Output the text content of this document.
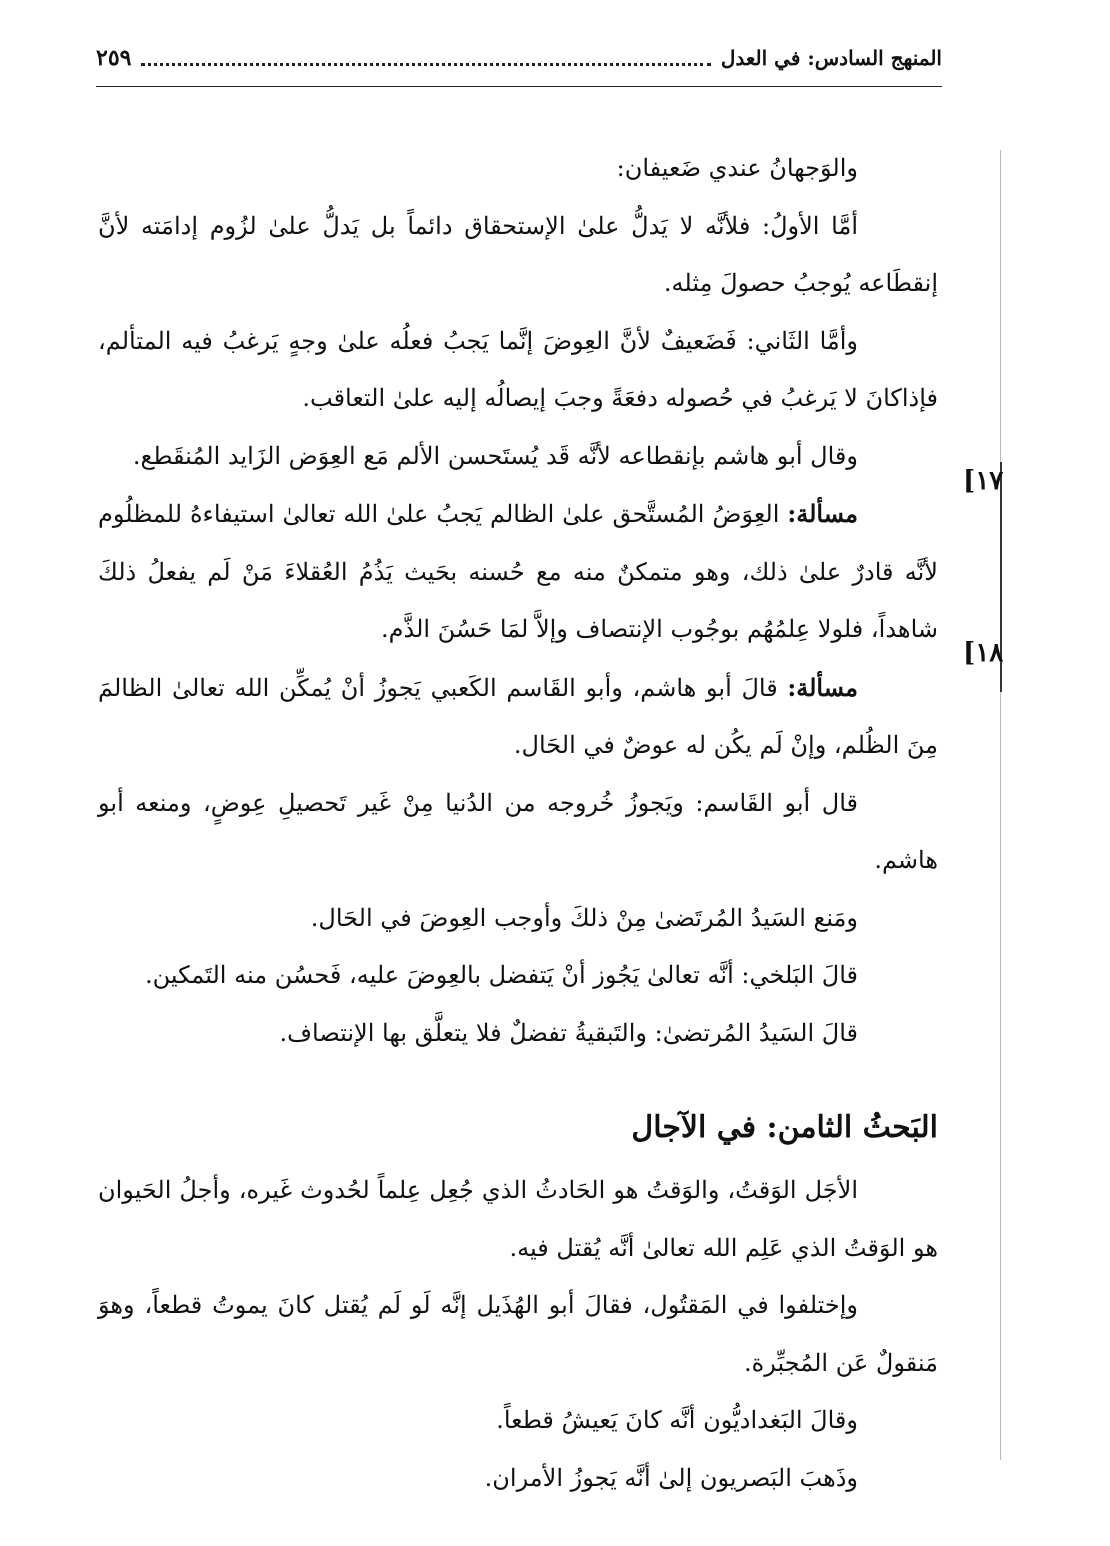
المنهج السادس: في العدل
٢٥٩
[١٧
[١٨

والوَجهانُ عندي ضَعيفان:

أمَّا الأولُ: فلأنَّه لا يَدلُّ علىٰ الإستحقاق دائماً بل يَدلُّ علىٰ لزُوم إدامَته لأنَّ إنقطَاعه يُوجبُ حصولَ مِثله.

وأمَّا الثَاني: فَضَعيفٌ لأنَّ العِوضَ إنَّما يَجبُ فعلُه علىٰ وجهٍ يَرغبُ فيه المتألم، فإذاكانَ لا يَرغبُ في حُصوله دفعَةً وجبَ إيصالُه إليه علىٰ التعاقب.

وقال أبو هاشم بإنقطاعه لأنَّه قَد يُستَحسن الألم مَع العِوَض الزَايد المُنقَطع.

مسألة: العِوَضُ المُستَّحق علىٰ الظالم يَجبُ علىٰ الله تعالىٰ استيفاءهُ للمظلُوم لأنَّه قادرٌ علىٰ ذلك، وهو متمكنٌ منه مع حُسنه بحَيث يَذُمُ العُقلاءَ مَنْ لَم يفعلُ ذلكَ شاهداً، فلولا عِلمُهُم بوجُوب الإنتصاف وإلاَّ لمَا حَسُنَ الذَّم.

مسألة: قالَ أبو هاشم، وأبو القَاسم الكَعبي يَجوزُ أنْ يُمكِّن الله تعالىٰ الظالمَ مِنَ الظُلم، وإنْ لَم يكُن له عوضٌ في الحَال.

قال أبو القَاسم: ويَجوزُ خُروجه من الدُنيا مِنْ غَير تَحصيلِ عِوضٍ، ومنعه أبو هاشم.

ومَنع السَيدُ المُرتَضىٰ مِنْ ذلكَ وأوجب العِوضَ في الحَال.

قالَ البَلخي: أنَّه تعالىٰ يَجُوز أنْ يَتفضل بالعِوضَ عليه، فَحسُن منه التَمكين.

قالَ السَيدُ المُرتضىٰ: والتَبقيةُ تفضلٌ فلا يتعلَّق بها الإنتصاف.

البَحثُ الثامن: في الآجال

الأجَل الوَقتُ، والوَقتُ هو الحَادثُ الذي جُعِل عِلماً لحُدوث غَيره، وأجلُ الحَيوان هو الوَقتُ الذي عَلِم الله تعالىٰ أنَّه يُقتل فيه.

وإختلفوا في المَقتُول، فقالَ أبو الهُذَيل إنَّه لَو لَم يُقتل كانَ يموتُ قطعاً، وهوَ مَنقولٌ عَن المُجبِّرة.

وقالَ البَغداديُّون أنَّه كانَ يَعيشُ قطعاً.

وذَهبَ البَصريون إلىٰ أنَّه يَجوزُ الأمران.
